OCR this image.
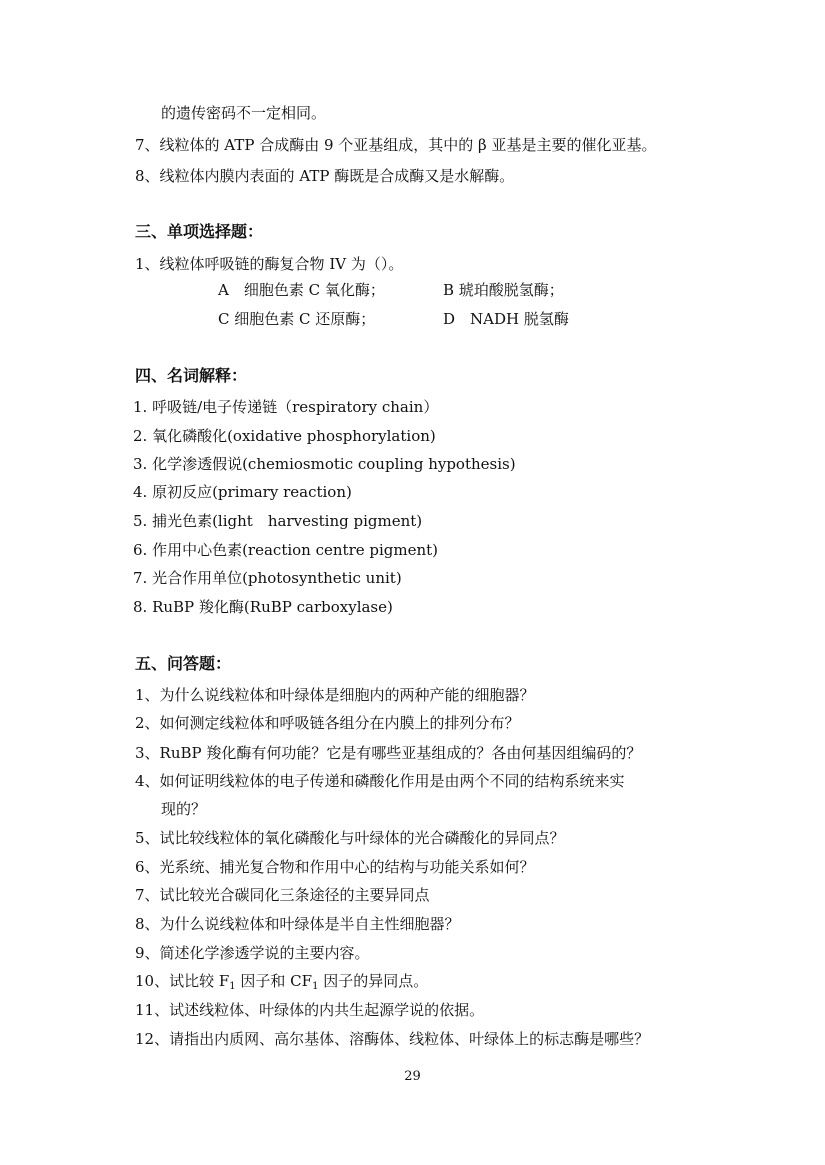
的遗传密码不一定相同。
7、线粒体的 ATP 合成酶由 9 个亚基组成，其中的 β 亚基是主要的催化亚基。
8、线粒体内膜内表面的 ATP 酶既是合成酶又是水解酶。
三、单项选择题：
1、线粒体呼吸链的酶复合物 IV 为（）。
A　细胞色素 C 氧化酶；	B 琥珀酸脱氢酶；
C 细胞色素 C 还原酶；	D　NADH 脱氢酶
四、名词解释：
1. 呼吸链/电子传递链（respiratory chain）
2. 氧化磷酸化(oxidative phosphorylation)
3. 化学渗透假说(chemiosmotic coupling hypothesis)
4. 原初反应(primary reaction)
5. 捕光色素(light　harvesting pigment)
6. 作用中心色素(reaction centre pigment)
7. 光合作用单位(photosynthetic unit)
8. RuBP 羧化酶(RuBP carboxylase)
五、问答题：
1、为什么说线粒体和叶绿体是细胞内的两种产能的细胞器？
2、如何测定线粒体和呼吸链各组分在内膜上的排列分布？
3、RuBP 羧化酶有何功能？它是有哪些亚基组成的？各由何基因组编码的？
4、如何证明线粒体的电子传递和磷酸化作用是由两个不同的结构系统来实
现的？
5、试比较线粒体的氧化磷酸化与叶绿体的光合磷酸化的异同点？
6、光系统、捕光复合物和作用中心的结构与功能关系如何？
7、试比较光合碳同化三条途径的主要异同点
8、为什么说线粒体和叶绿体是半自主性细胞器？
9、简述化学渗透学说的主要内容。
10、试比较 $F_1$ 因子和 $CF_1$ 因子的异同点。
11、试述线粒体、叶绿体的内共生起源学说的依据。
12、请指出内质网、高尔基体、溶酶体、线粒体、叶绿体上的标志酶是哪些？
29
